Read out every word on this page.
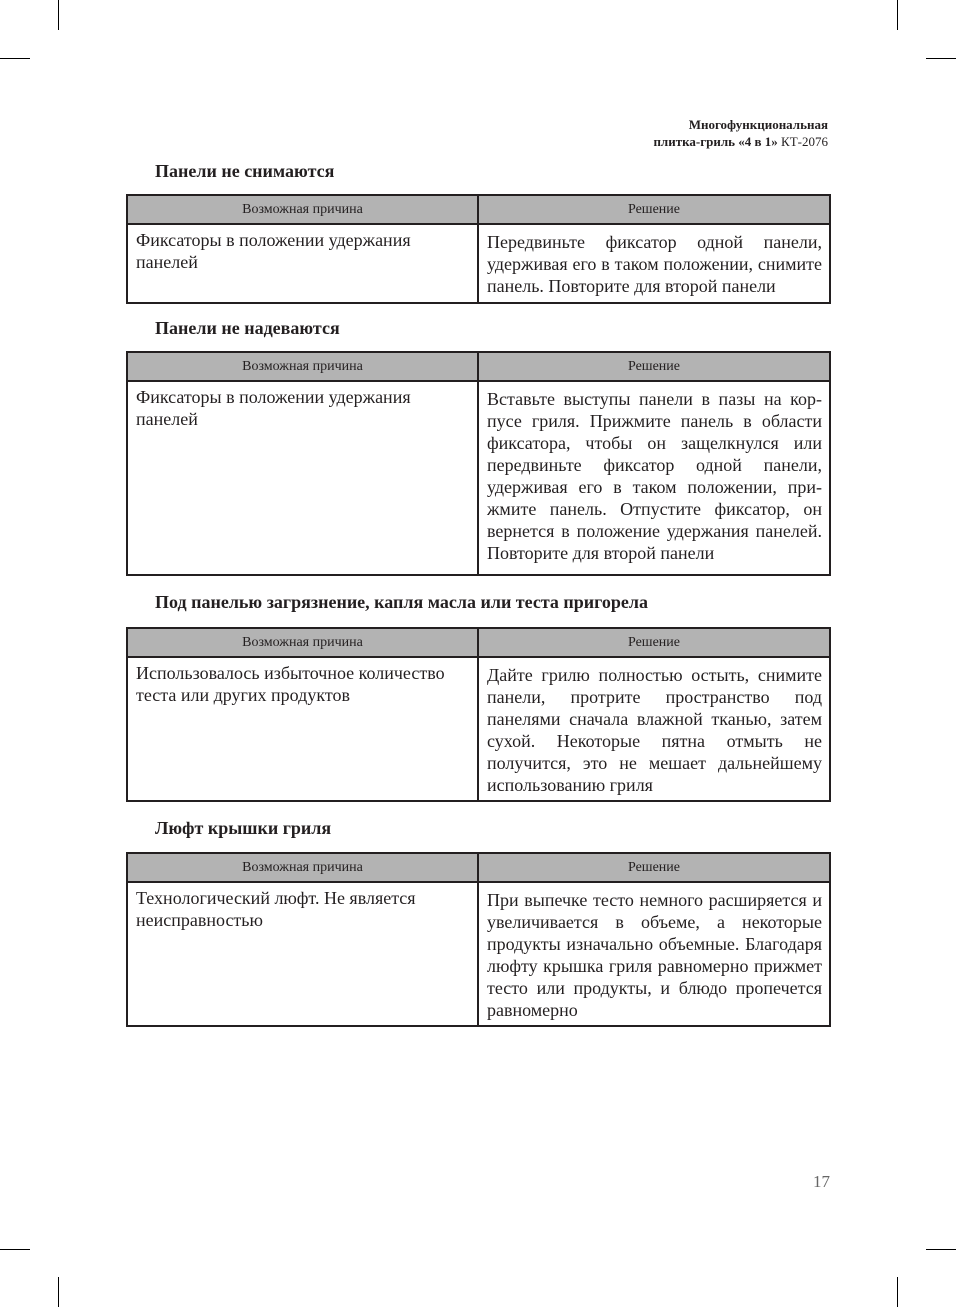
Многофункциональная
плитка-гриль «4 в 1» КТ-2076
Панели не снимаются
Возможная причина	Решение
Фиксаторы в положении удержания панелей	Передвиньте фиксатор одной панели, удерживая его в таком положении, снимите панель. Повторите для второй панели
Панели не надеваются
Возможная причина	Решение
Фиксаторы в положении удержания панелей	Вставьте выступы панели в пазы на корпусе гриля. Прижмите панель в области фиксатора, чтобы он защелкнулся или передвиньте фиксатор одной панели, удерживая его в таком положении, прижмите панель. Отпустите фиксатор, он вернется в положение удержания панелей. Повторите для второй панели
Под панелью загрязнение, капля масла или теста пригорела
Возможная причина	Решение
Использовалось избыточное количество теста или других продуктов	Дайте грилю полностью остыть, снимите панели, протрите пространство под панелями сначала влажной тканью, затем сухой. Некоторые пятна отмыть не получится, это не мешает дальнейшему использованию гриля
Люфт крышки гриля
Возможная причина	Решение
Технологический люфт. Не является неисправностью	При выпечке тесто немного расширяется и увеличивается в объеме, а некоторые продукты изначально объемные. Благодаря люфту крышка гриля равномерно прижмет тесто или продукты, и блюдо пропечется равномерно
17
